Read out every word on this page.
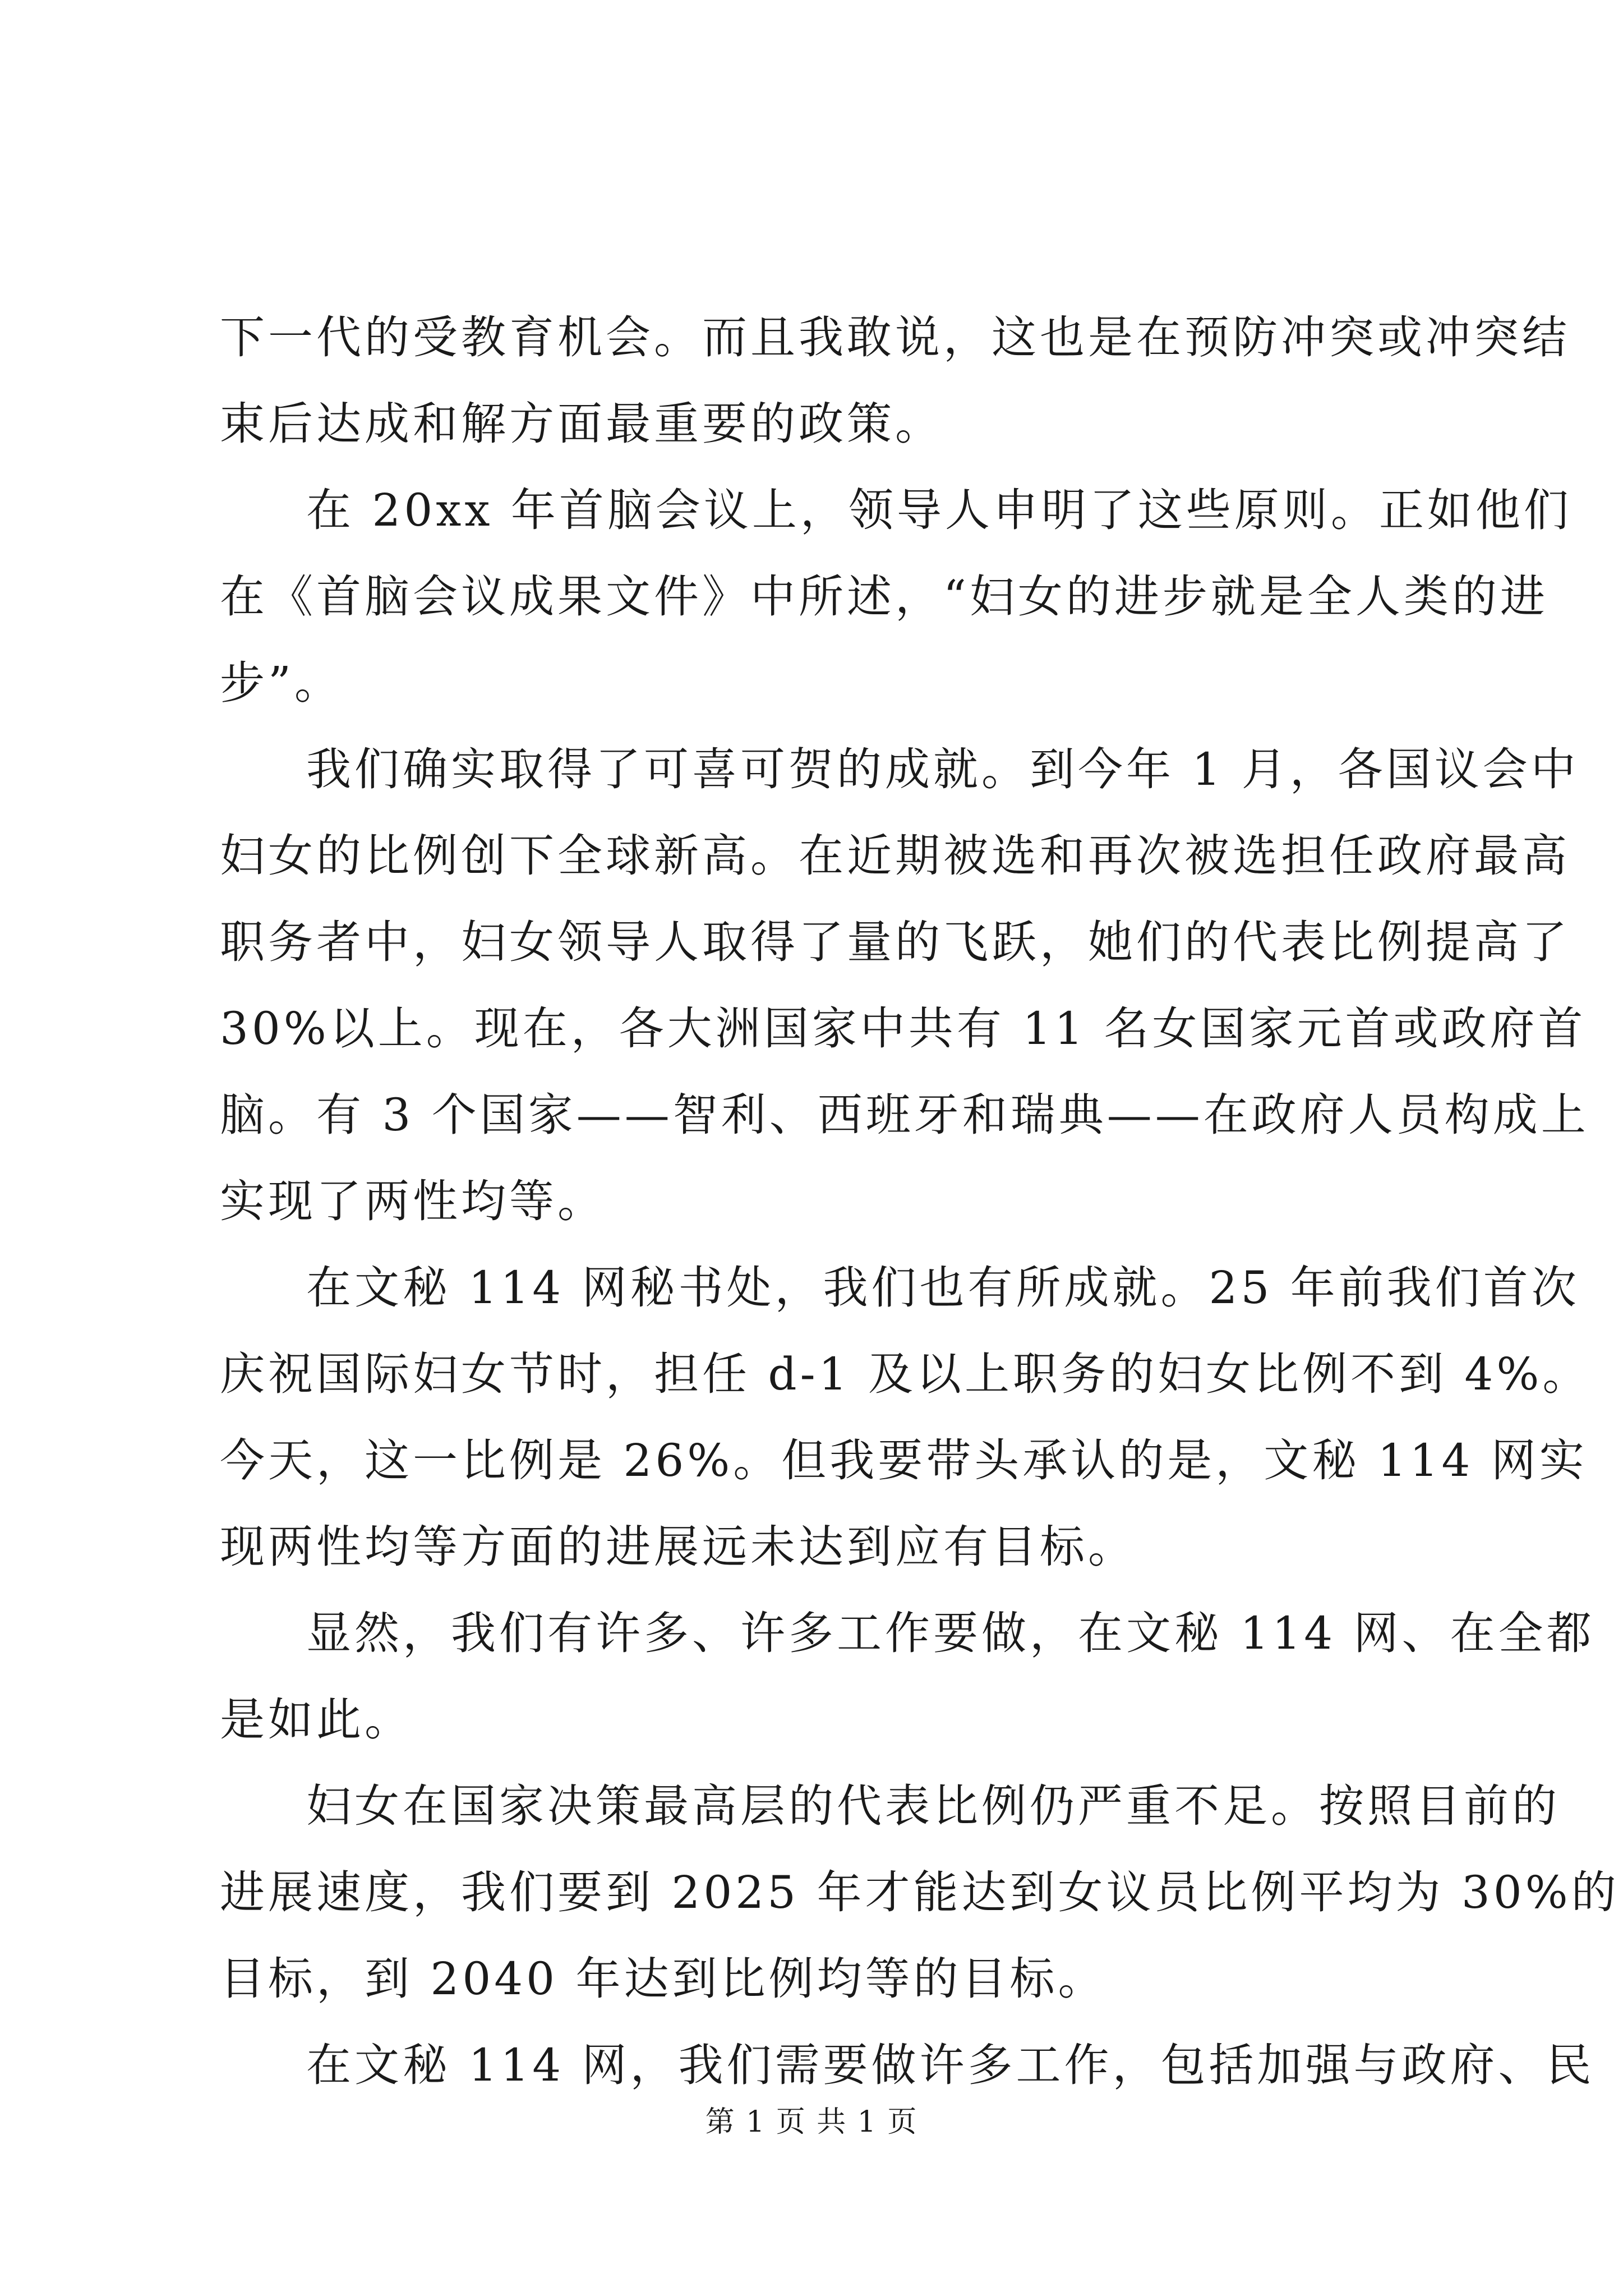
下一代的受教育机会。而且我敢说，这也是在预防冲突或冲突结
束后达成和解方面最重要的政策。
在 20xx 年首脑会议上，领导人申明了这些原则。正如他们
在《首脑会议成果文件》中所述，“妇女的进步就是全人类的进
步”。
我们确实取得了可喜可贺的成就。到今年 1 月，各国议会中
妇女的比例创下全球新高。在近期被选和再次被选担任政府最高
职务者中，妇女领导人取得了量的飞跃，她们的代表比例提高了
30%以上。现在，各大洲国家中共有 11 名女国家元首或政府首
脑。有 3 个国家——智利、西班牙和瑞典——在政府人员构成上
实现了两性均等。
在文秘 114 网秘书处，我们也有所成就。25 年前我们首次
庆祝国际妇女节时，担任 d-1 及以上职务的妇女比例不到 4%。
今天，这一比例是 26%。但我要带头承认的是，文秘 114 网实
现两性均等方面的进展远未达到应有目标。
显然，我们有许多、许多工作要做，在文秘 114 网、在全都
是如此。
妇女在国家决策最高层的代表比例仍严重不足。按照目前的
进展速度，我们要到 2025 年才能达到女议员比例平均为 30%的
目标，到 2040 年达到比例均等的目标。
在文秘 114 网，我们需要做许多工作，包括加强与政府、民
第 1 页 共 1 页
